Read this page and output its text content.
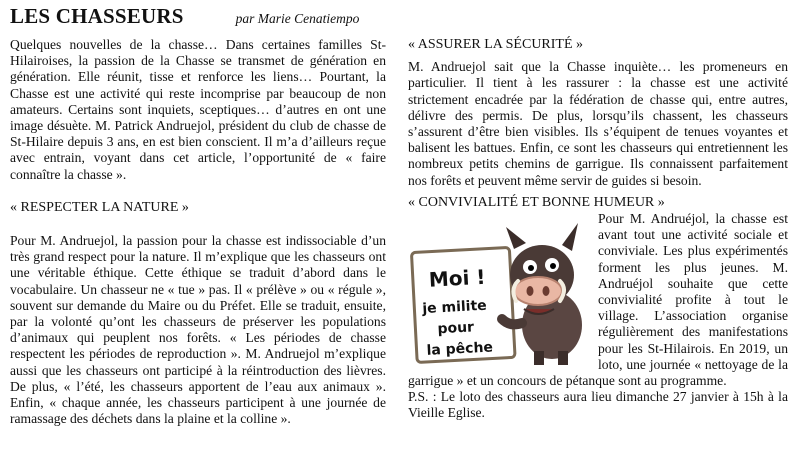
LES CHASSEURS	par Marie Cenatiempo

Quelques nouvelles de la chasse… Dans certaines familles St-Hilairoises, la passion de la Chasse se transmet de génération en génération. Elle réunit, tisse et renforce les liens… Pourtant, la Chasse est une activité qui reste incomprise par beaucoup de non amateurs. Certains sont inquiets, sceptiques… d’autres en ont une image désuète. M. Patrick Andruejol, président du club de chasse de St-Hilaire depuis 3 ans, en est bien conscient. Il m’a d’ailleurs reçue avec entrain, voyant dans cet article, l’opportunité de « faire connaître la chasse ».

« RESPECTER LA NATURE »

Pour M. Andruejol, la passion pour la chasse est indissociable d’un très grand respect pour la nature. Il m’explique que les chasseurs ont une véritable éthique. Cette éthique se traduit d’abord dans le vocabulaire. Un chasseur ne « tue » pas. Il « prélève » ou « régule », souvent sur demande du Maire ou du Préfet. Elle se traduit, ensuite, par la volonté qu’ont les chasseurs de préserver les populations d’animaux qui peuplent nos forêts. « Les périodes de chasse respectent les périodes de reproduction ». M. Andruejol m’explique aussi que les chasseurs ont participé à la réintroduction des lièvres. De plus, « l’été, les chasseurs apportent de l’eau aux animaux ». Enfin, « chaque année, les chasseurs participent à une journée de ramassage des déchets dans la plaine et la colline ».

« ASSURER LA SÉCURITÉ »

M. Andruejol sait que la Chasse inquiète… les promeneurs en particulier. Il tient à les rassurer : la chasse est une activité strictement encadrée par la fédération de chasse qui, entre autres, délivre des permis. De plus, lorsqu’ils chassent, les chasseurs s’assurent d’être bien visibles. Ils s’équipent de tenues voyantes et balisent les battues. Enfin, ce sont les chasseurs qui entretiennent les nombreux petits chemins de garrigue. Ils connaissent parfaitement nos forêts et peuvent même servir de guides si besoin.

« CONVIVIALITÉ ET BONNE HUMEUR »
Moi !
je milite
pour
la pêche

Pour M. Andruéjol, la chasse est avant tout une activité sociale et conviviale. Les plus expérimentés forment les plus jeunes. M. Andruéjol souhaite que cette convivialité profite à tout le village. L’association organise régulièrement des manifestations pour les St-Hilairois. En 2019, un loto, une journée « nettoyage de la garrigue » et un concours de pétanque sont au programme.

P.S. : Le loto des chasseurs aura lieu dimanche 27 janvier à 15h à la Vieille Eglise.
